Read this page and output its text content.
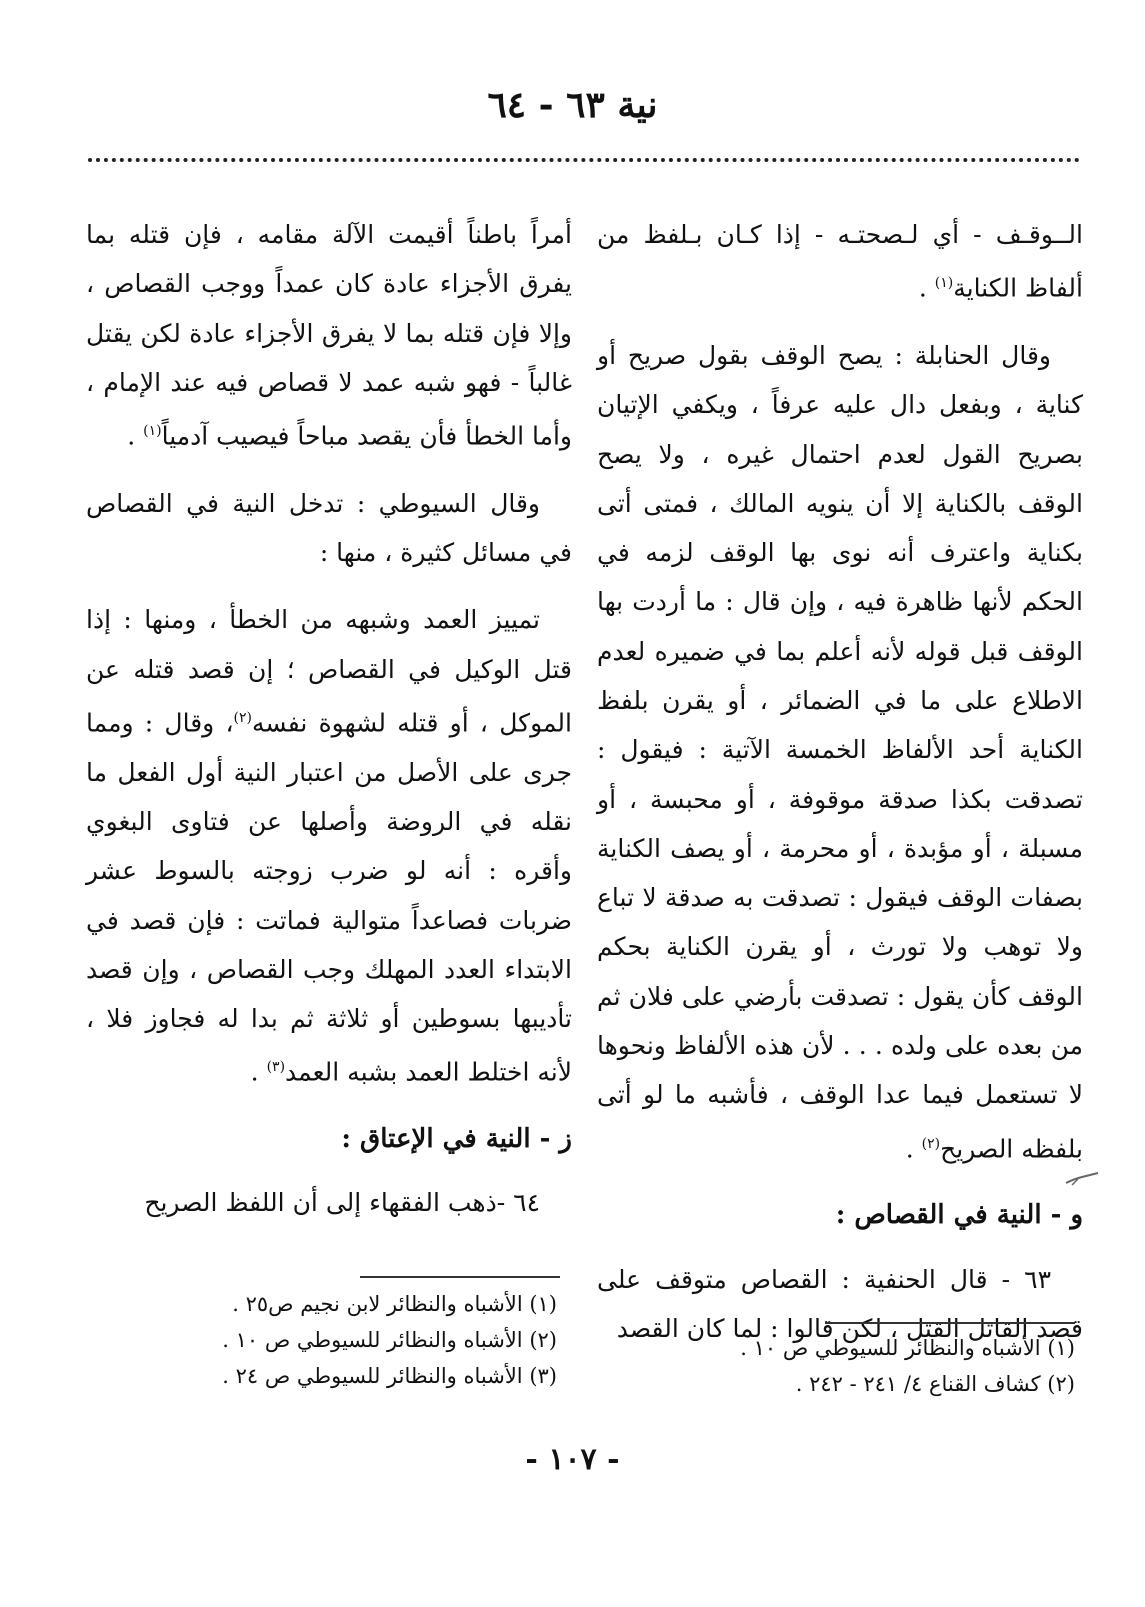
نية ٦٣ - ٦٤

الــوقـف - أي لـصحتـه - إذا كـان بـلفظ من ألفاظ الكناية$^{(١)}$ .

وقال الحنابلة : يصح الوقف بقول صريح أو كناية ، وبفعل دال عليه عرفاً ، ويكفي الإتيان بصريح القول لعدم احتمال غيره ، ولا يصح الوقف بالكناية إلا أن ينويه المالك ، فمتى أتى بكناية واعترف أنه نوى بها الوقف لزمه في الحكم لأنها ظاهرة فيه ، وإن قال : ما أردت بها الوقف قبل قوله لأنه أعلم بما في ضميره لعدم الاطلاع على ما في الضمائر ، أو يقرن بلفظ الكناية أحد الألفاظ الخمسة الآتية : فيقول : تصدقت بكذا صدقة موقوفة ، أو محبسة ، أو مسبلة ، أو مؤبدة ، أو محرمة ، أو يصف الكناية بصفات الوقف فيقول : تصدقت به صدقة لا تباع ولا توهب ولا تورث ، أو يقرن الكناية بحكم الوقف كأن يقول : تصدقت بأرضي على فلان ثم من بعده على ولده . . . لأن هذه الألفاظ ونحوها لا تستعمل فيما عدا الوقف ، فأشبه ما لو أتى بلفظه الصريح$^{(٢)}$ .

و - النية في القصاص :

٦٣ - قال الحنفية : القصاص متوقف على قصد القاتل القتل ، لكن قالوا : لما كان القصد

أمراً باطناً أقيمت الآلة مقامه ، فإن قتله بما يفرق الأجزاء عادة كان عمداً ووجب القصاص ، وإلا فإن قتله بما لا يفرق الأجزاء عادة لكن يقتل غالباً - فهو شبه عمد لا قصاص فيه عند الإمام ، وأما الخطأ فأن يقصد مباحاً فيصيب آدمياً$^{(١)}$ .

وقال السيوطي : تدخل النية في القصاص في مسائل كثيرة ، منها :

تمييز العمد وشبهه من الخطأ ، ومنها : إذا قتل الوكيل في القصاص ؛ إن قصد قتله عن الموكل ، أو قتله لشهوة نفسه$^{(٢)}$، وقال : ومما جرى على الأصل من اعتبار النية أول الفعل ما نقله في الروضة وأصلها عن فتاوى البغوي وأقره : أنه لو ضرب زوجته بالسوط عشر ضربات فصاعداً متوالية فماتت : فإن قصد في الابتداء العدد المهلك وجب القصاص ، وإن قصد تأديبها بسوطين أو ثلاثة ثم بدا له فجاوز فلا ، لأنه اختلط العمد بشبه العمد$^{(٣)}$ .

ز - النية في الإعتاق :

٦٤ -ذهب الفقهاء إلى أن اللفظ الصريح

(١) الأشباه والنظائر للسيوطي ص ١٠ .
(٢) كشاف القناع ٤/ ٢٤١ - ٢٤٢ .
(١) الأشباه والنظائر لابن نجيم ص٢٥ .
(٢) الأشباه والنظائر للسيوطي ص ١٠ .
(٣) الأشباه والنظائر للسيوطي ص ٢٤ .
- ١٠٧ -
